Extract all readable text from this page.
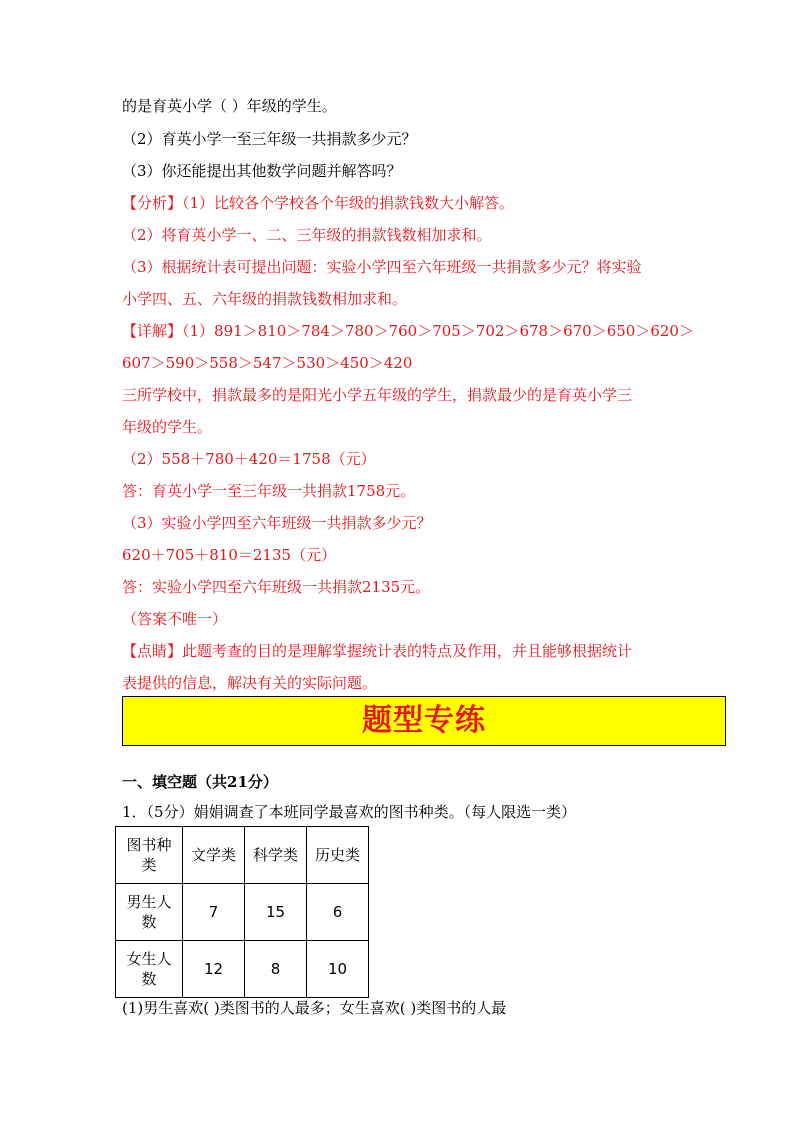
的是育英小学（ ）年级的学生。
（2）育英小学一至三年级一共捐款多少元？
（3）你还能提出其他数学问题并解答吗？
【分析】（1）比较各个学校各个年级的捐款钱数大小解答。
（2）将育英小学一、二、三年级的捐款钱数相加求和。
（3）根据统计表可提出问题：实验小学四至六年班级一共捐款多少元？将实验
小学四、五、六年级的捐款钱数相加求和。
【详解】（1）891＞810＞784＞780＞760＞705＞702＞678＞670＞650＞620＞
607＞590＞558＞547＞530＞450＞420
三所学校中，捐款最多的是阳光小学五年级的学生，捐款最少的是育英小学三
年级的学生。
（2）558＋780＋420＝1758（元）
答：育英小学一至三年级一共捐款1758元。
（3）实验小学四至六年班级一共捐款多少元？
620＋705＋810＝2135（元）
答：实验小学四至六年班级一共捐款2135元。
（答案不唯一）
【点睛】此题考查的目的是理解掌握统计表的特点及作用，并且能够根据统计
表提供的信息，解决有关的实际问题。
题型专练
一、填空题（共21分）
1．（5分）娟娟调查了本班同学最喜欢的图书种类。（每人限选一类）
图书种
类	文学类	科学类	历史类

男生人
数	7	15	6

女生人
数	12	8	10
(1)男生喜欢( )类图书的人最多；女生喜欢( )类图书的人最
